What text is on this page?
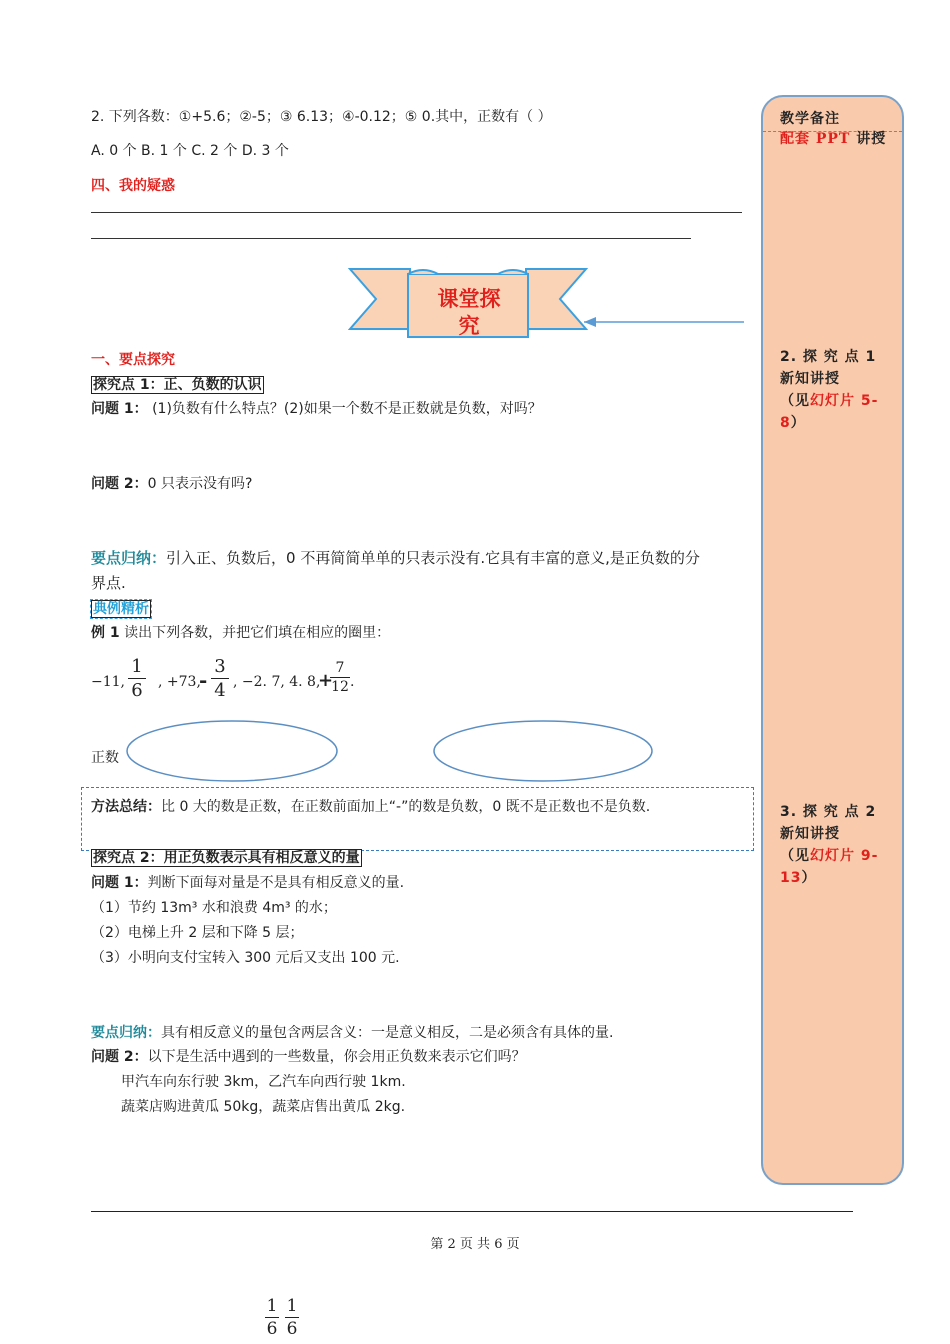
2. 下列各数：①+5.6；②-5；③ 6.13；④-0.12；⑤ 0.其中，正数有（ ）
A. 0 个 B. 1 个 C. 2 个 D. 3 个
四、我的疑惑
课堂探
究
一、要点探究
探究点 1：正、负数的认识
问题 1： (1)负数有什么特点？(2)如果一个数不是正数就是负数，对吗？
问题 2：0 只表示没有吗?
要点归纳：引入正、负数后，0 不再简简单单的只表示没有.它具有丰富的意义,是正负数的分
界点.
典例精析
例 1 读出下列各数，并把它们填在相应的圈里：
−11,
1
6 , +73,
-
3
4 , −2. 7, 4. 8,
+
7
12 .
正数
方法总结：比 0 大的数是正数，在正数前面加上“-”的数是负数，0 既不是正数也不是负数.
探究点 2：用正负数表示具有相反意义的量
问题 1：判断下面每对量是不是具有相反意义的量.
（1）节约 13m³ 水和浪费 4m³ 的水；
（2）电梯上升 2 层和下降 5 层；
（3）小明向支付宝转入 300 元后又支出 100 元.
要点归纳：具有相反意义的量包含两层含义：一是意义相反，二是必须含有具体的量.
问题 2：以下是生活中遇到的一些数量，你会用正负数来表示它们吗？
甲汽车向东行驶 3km，乙汽车向西行驶 1km.
蔬菜店购进黄瓜 50kg，蔬菜店售出黄瓜 2kg.
教学备注
配套 PPT 讲授
2. 探 究 点 1 新知讲授
（见幻灯片 5-8）
3. 探 究 点 2 新知讲授
（见幻灯片 9-13）
第 2 页 共 6 页
1
6
1
6
